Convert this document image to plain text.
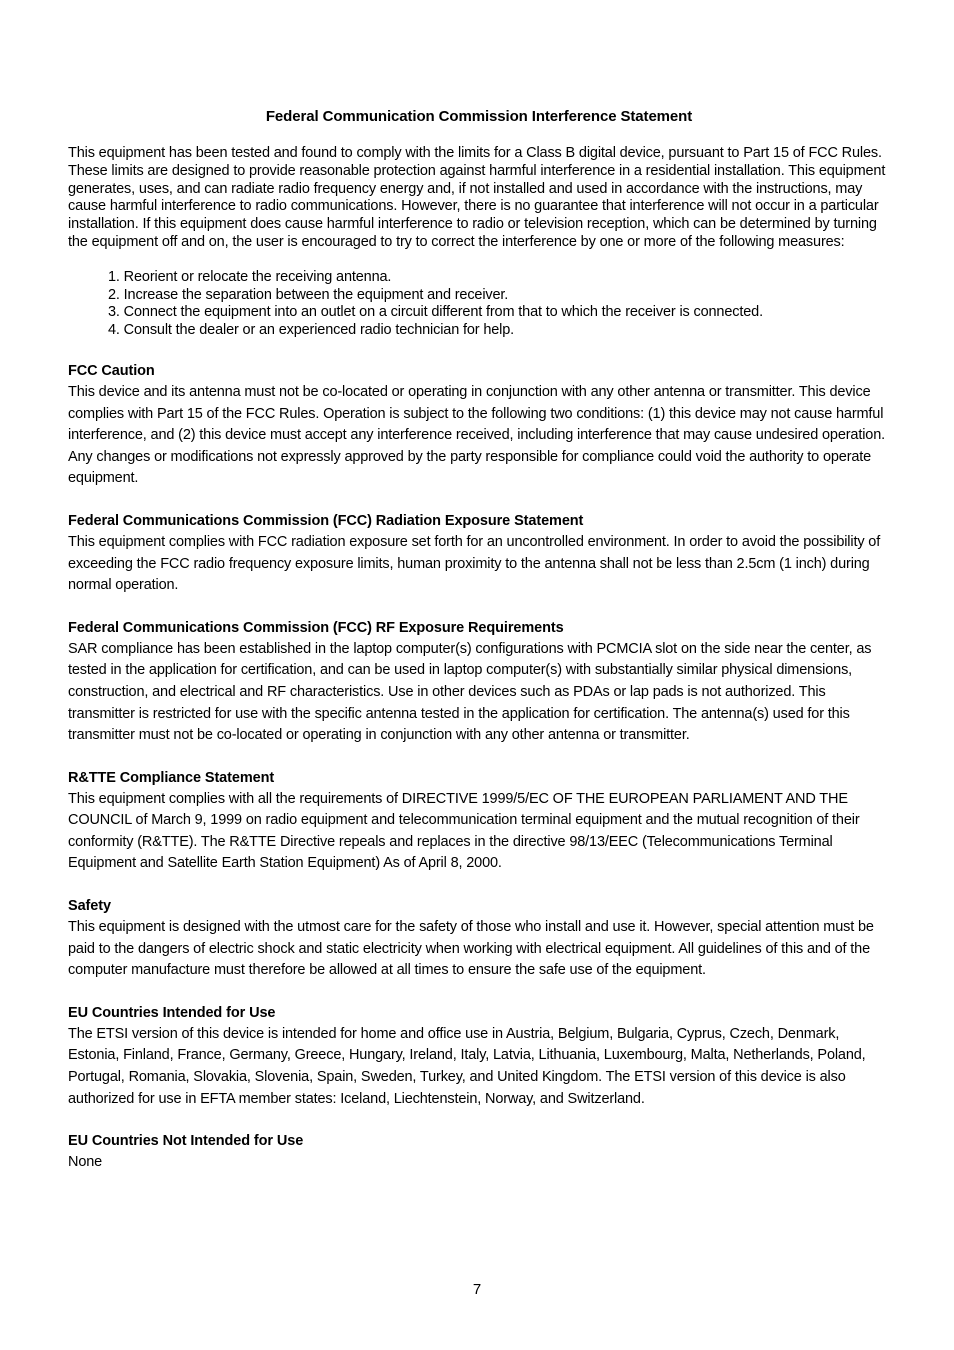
Federal Communication Commission Interference Statement

This equipment has been tested and found to comply with the limits for a Class B digital device, pursuant to Part 15 of FCC Rules. These limits are designed to provide reasonable protection against harmful interference in a residential installation. This equipment generates, uses, and can radiate radio frequency energy and, if not installed and used in accordance with the instructions, may cause harmful interference to radio communications. However, there is no guarantee that interference will not occur in a particular installation. If this equipment does cause harmful interference to radio or television reception, which can be determined by turning the equipment off and on, the user is encouraged to try to correct the interference by one or more of the following measures:

1. Reorient or relocate the receiving antenna.
2. Increase the separation between the equipment and receiver.
3. Connect the equipment into an outlet on a circuit different from that to which the receiver is connected.
4. Consult the dealer or an experienced radio technician for help.
FCC Caution

This device and its antenna must not be co-located or operating in conjunction with any other antenna or transmitter. This device complies with Part 15 of the FCC Rules. Operation is subject to the following two conditions: (1) this device may not cause harmful interference, and (2) this device must accept any interference received, including interference that may cause undesired operation. Any changes or modifications not expressly approved by the party responsible for compliance could void the authority to operate equipment.

Federal Communications Commission (FCC) Radiation Exposure Statement

This equipment complies with FCC radiation exposure set forth for an uncontrolled environment. In order to avoid the possibility of exceeding the FCC radio frequency exposure limits, human proximity to the antenna shall not be less than 2.5cm (1 inch) during normal operation.

Federal Communications Commission (FCC) RF Exposure Requirements

SAR compliance has been established in the laptop computer(s) configurations with PCMCIA slot on the side near the center, as tested in the application for certification, and can be used in laptop computer(s) with substantially similar physical dimensions, construction, and electrical and RF characteristics. Use in other devices such as PDAs or lap pads is not authorized. This transmitter is restricted for use with the specific antenna tested in the application for certification. The antenna(s) used for this transmitter must not be co-located or operating in conjunction with any other antenna or transmitter.

R&TTE Compliance Statement

This equipment complies with all the requirements of DIRECTIVE 1999/5/EC OF THE EUROPEAN PARLIAMENT AND THE COUNCIL of March 9, 1999 on radio equipment and telecommunication terminal equipment and the mutual recognition of their conformity (R&TTE). The R&TTE Directive repeals and replaces in the directive 98/13/EEC (Telecommunications Terminal Equipment and Satellite Earth Station Equipment) As of April 8, 2000.

Safety

This equipment is designed with the utmost care for the safety of those who install and use it. However, special attention must be paid to the dangers of electric shock and static electricity when working with electrical equipment. All guidelines of this and of the computer manufacture must therefore be allowed at all times to ensure the safe use of the equipment.

EU Countries Intended for Use

The ETSI version of this device is intended for home and office use in Austria, Belgium, Bulgaria, Cyprus, Czech, Denmark, Estonia, Finland, France, Germany, Greece, Hungary, Ireland, Italy, Latvia, Lithuania, Luxembourg, Malta, Netherlands, Poland, Portugal, Romania, Slovakia, Slovenia, Spain, Sweden, Turkey, and United Kingdom. The ETSI version of this device is also authorized for use in EFTA member states: Iceland, Liechtenstein, Norway, and Switzerland.

EU Countries Not Intended for Use

None

7
